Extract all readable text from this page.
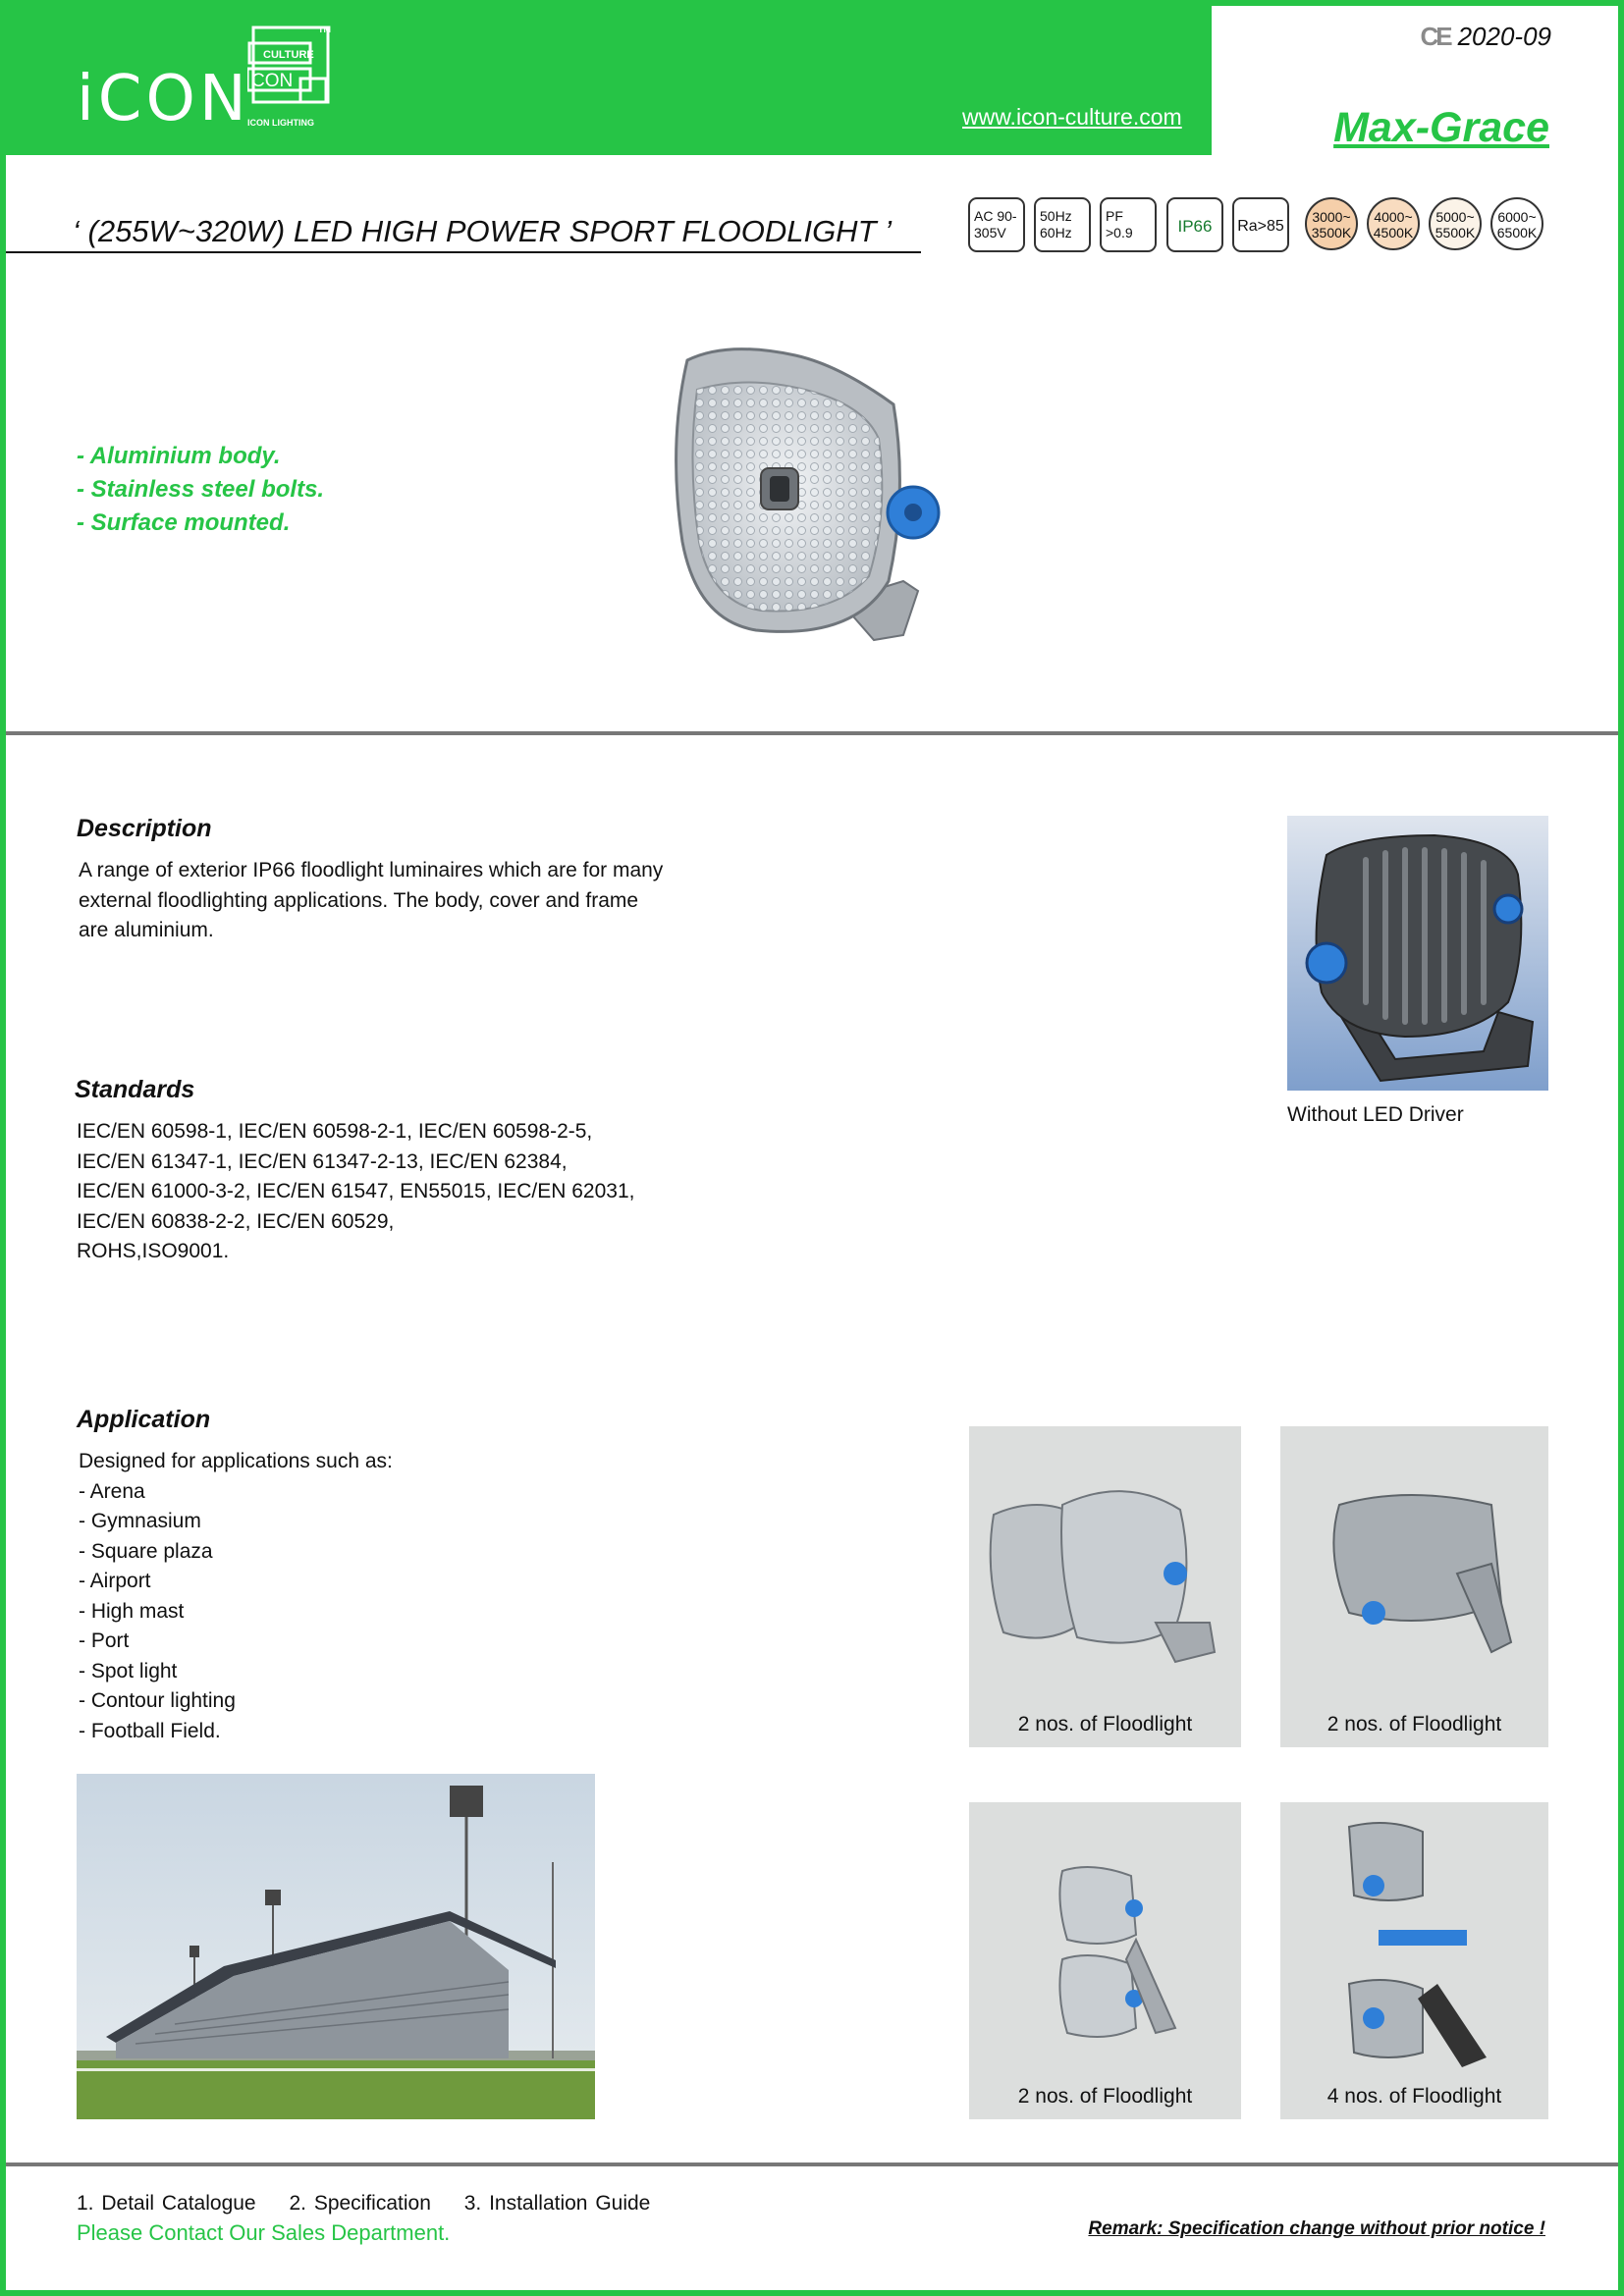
iCON
CULTURE
i
CON
TM
ICON LIGHTING	www.icon-culture.com
CE 2020-09
Max-Grace
‘ (255W~320W) LED HIGH POWER SPORT FLOODLIGHT ’	AC 90-
305V
50Hz
60Hz
PF
>0.9	IP66	Ra>85
3000~
3500K
4000~
4500K
5000~
5500K
6000~
6500K
- Aluminium body.
- Stainless steel bolts.
- Surface mounted.
Description
A range of exterior IP66 floodlight luminaires which are for many
external floodlighting applications. The body, cover and frame
are aluminium.
Without LED Driver
Standards
IEC/EN 60598-1, IEC/EN 60598-2-1, IEC/EN 60598-2-5,
IEC/EN 61347-1, IEC/EN 61347-2-13, IEC/EN 62384,
IEC/EN 61000-3-2, IEC/EN 61547, EN55015, IEC/EN 62031,
IEC/EN 60838-2-2, IEC/EN 60529,
ROHS,ISO9001.
Application
Designed for applications such as:
- Arena
- Gymnasium
- Square plaza
- Airport
- High mast
- Port
- Spot light
- Contour lighting
- Football Field.	2 nos. of Floodlight	2 nos. of Floodlight
2 nos. of Floodlight	4 nos. of Floodlight
1. Detail Catalogue 2. Specification 3. Installation Guide
Please Contact Our Sales Department.	Remark: Specification change without prior notice !
